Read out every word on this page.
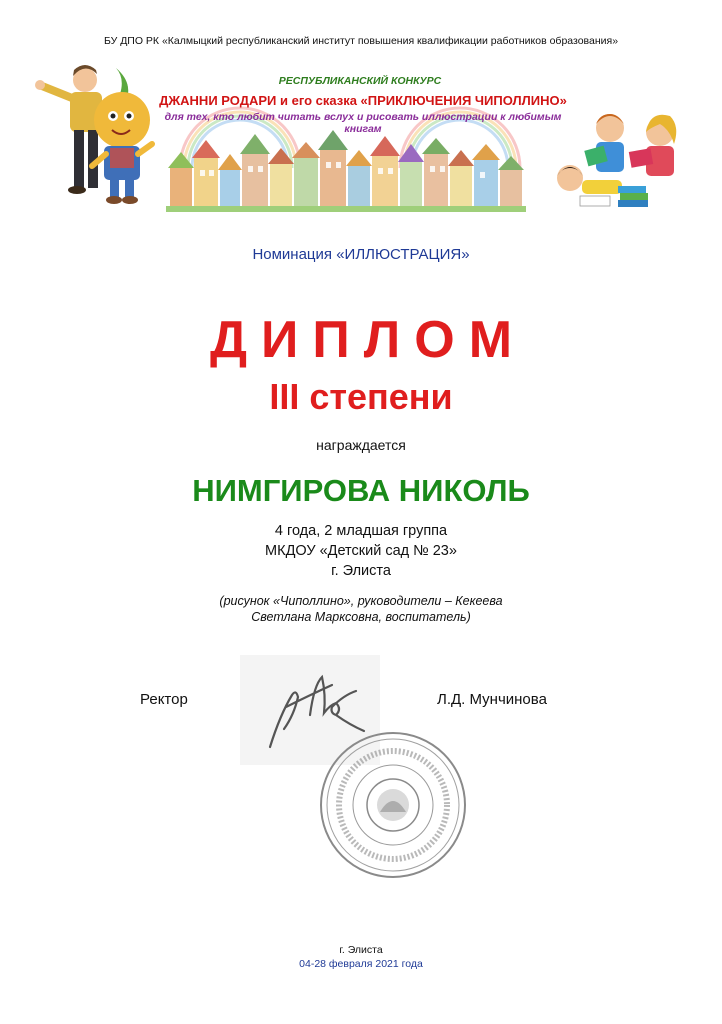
БУ ДПО РК «Калмыцкий республиканский институт повышения квалификации работников образования»
РЕСПУБЛИКАНСКИЙ КОНКУРС
ДЖАННИ РОДАРИ и его сказка «ПРИКЛЮЧЕНИЯ ЧИПОЛЛИНО»
для тех, кто любит читать вслух и рисовать иллюстрации к любимым книгам
Номинация «ИЛЛЮСТРАЦИЯ»
ДИПЛОМ
III степени
награждается
НИМГИРОВА НИКОЛЬ
4 года, 2 младшая группа
МКДОУ «Детский сад № 23»
г. Элиста
(рисунок «Чиполлино», руководители – Кекеева
Светлана Марксовна, воспитатель)
Ректор	Л.Д. Мунчинова
г. Элиста
04-28 февраля 2021 года
